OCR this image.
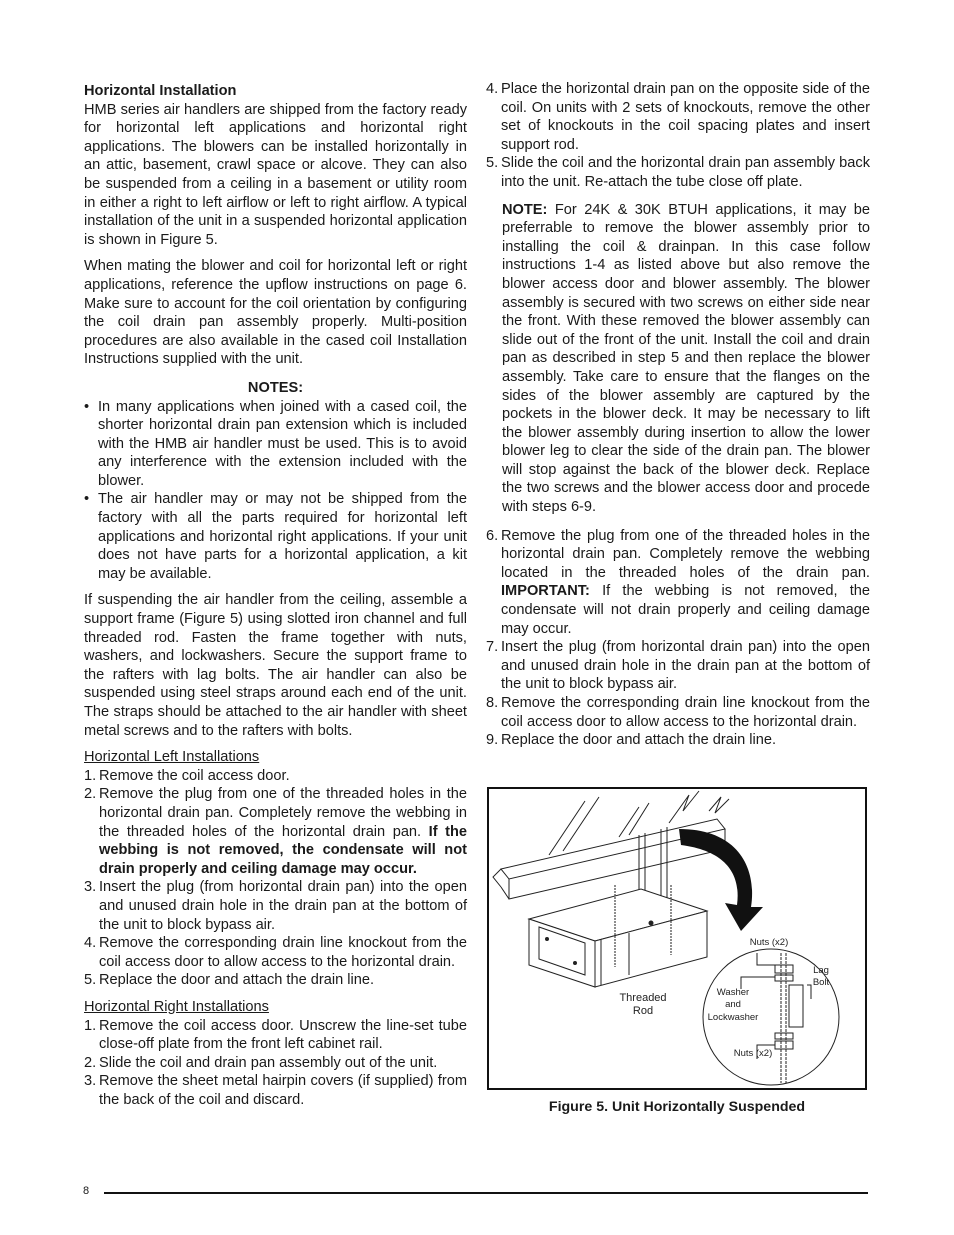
Horizontal Installation

HMB series air handlers are shipped from the factory ready for horizontal left applications and horizontal right applications. The blowers can be installed horizontally in an attic, basement, crawl space or alcove. They can also be suspended from a ceiling in a basement or utility room in either a right to left airflow or left to right airflow. A typical installation of the unit in a suspended horizontal application is shown in Figure 5.

When mating the blower and coil for horizontal left or right applications, reference the upflow instructions on page 6. Make sure to account for the coil orientation by configuring the coil drain pan assembly properly. Multi-position procedures are also available in the cased coil Installation Instructions supplied with the unit.

NOTES:

• In many applications when joined with a cased coil, the shorter horizontal drain pan extension which is included with the HMB air handler must be used. This is to avoid any interference with the extension included with the blower.
• The air handler may or may not be shipped from the factory with all the parts required for horizontal left applications and horizontal right applications. If your unit does not have parts for a horizontal application, a kit may be available.

If suspending the air handler from the ceiling, assemble a support frame (Figure 5) using slotted iron channel and full threaded rod. Fasten the frame together with nuts, washers, and lockwashers. Secure the support frame to the rafters with lag bolts. The air handler can also be suspended using steel straps around each end of the unit. The straps should be attached to the air handler with sheet metal screws and to the rafters with bolts.

Horizontal Left Installations

1. Remove the coil access door.
2. Remove the plug from one of the threaded holes in the horizontal drain pan. Completely remove the webbing in the threaded holes of the horizontal drain pan. If the webbing is not removed, the condensate will not drain properly and ceiling damage may occur.
3. Insert the plug (from horizontal drain pan) into the open and unused drain hole in the drain pan at the bottom of the unit to block bypass air.
4. Remove the corresponding drain line knockout from the coil access door to allow access to the horizontal drain.
5. Replace the door and attach the drain line.

Horizontal Right Installations

1. Remove the coil access door. Unscrew the line-set tube close-off plate from the front left cabinet rail.
2. Slide the coil and drain pan assembly out of the unit.
3. Remove the sheet metal hairpin covers (if supplied) from the back of the coil and discard.
4. Place the horizontal drain pan on the opposite side of the coil. On units with 2 sets of knockouts, remove the other set of knockouts in the coil spacing plates and insert support rod.
5. Slide the coil and the horizontal drain pan assembly back into the unit. Re-attach the tube close off plate.

NOTE: For 24K & 30K BTUH applications, it may be preferrable to remove the blower assembly prior to installing the coil & drainpan. In this case follow instructions 1-4 as listed above but also remove the blower access door and blower assembly. The blower assembly is secured with two screws on either side near the front. With these removed the blower assembly can slide out of the front of the unit. Install the coil and drain pan as described in step 5 and then replace the blower assembly. Take care to ensure that the flanges on the sides of the blower assembly are captured by the pockets in the blower deck. It may be necessary to lift the blower assembly during insertion to allow the lower blower leg to clear the side of the drain pan. The blower will stop against the back of the blower deck. Replace the two screws and the blower access door and procede with steps 6-9.

6. Remove the plug from one of the threaded holes in the horizontal drain pan. Completely remove the webbing located in the threaded holes of the drain pan. IMPORTANT: If the webbing is not removed, the condensate will not drain properly and ceiling damage may occur.
7. Insert the plug (from horizontal drain pan) into the open and unused drain hole in the drain pan at the bottom of the unit to block bypass air.
8. Remove the corresponding drain line knockout from the coil access door to allow access to the horizontal drain.
9. Replace the door and attach the drain line.
Threaded
Rod
Nuts (x2)
Lag
Bolt
Washer
and
Lockwasher
Nuts (x2)
Figure 5. Unit Horizontally Suspended
8
